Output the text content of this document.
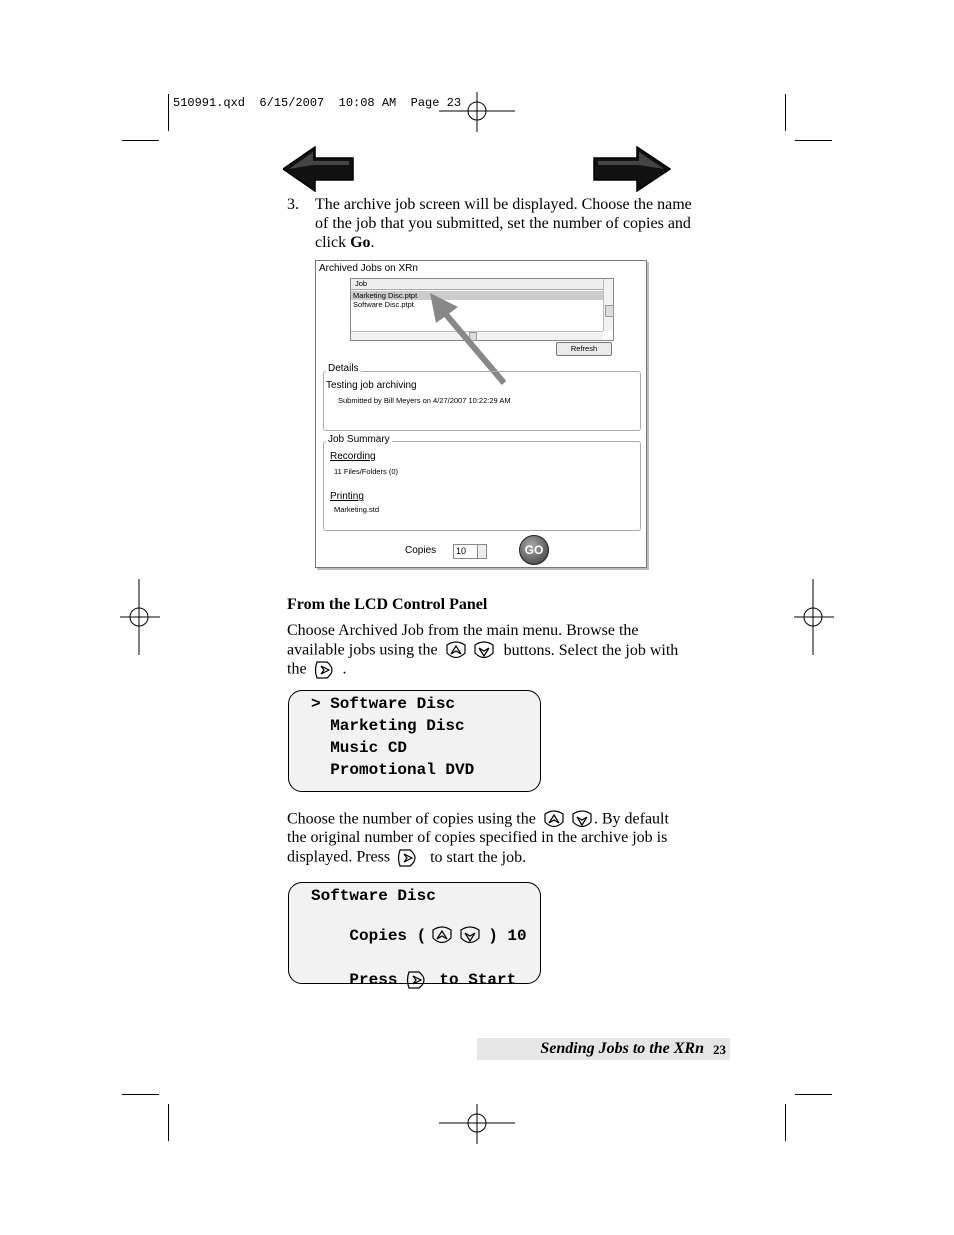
510991.qxd  6/15/2007  10:08 AM  Page 23
3. The archive job screen will be displayed. Choose the name
of the job that you submitted, set the number of copies and
click Go.
Archived Jobs on XRn
Job
Marketing Disc.ptpt
Software Disc.ptpt
Refresh
Details
Testing job archiving
Submitted by Bill Meyers on 4/27/2007 10:22:29 AM
Job Summary
Recording
11 Files/Folders (0)
Printing
Marketing.std
Copies 10	GO
From the LCD Control Panel
Choose Archived Job from the main menu. Browse the
available jobs using the	buttons. Select the job with
the .
> Software Disc
Marketing Disc
Music CD
Promotional DVD
Choose the number of copies using the	. By default
the original number of copies specified in the archive job is
displayed. Press	to start the job.
Software Disc

Copies (	) 10

Press	to Start

Sending Jobs to the XRn 23
